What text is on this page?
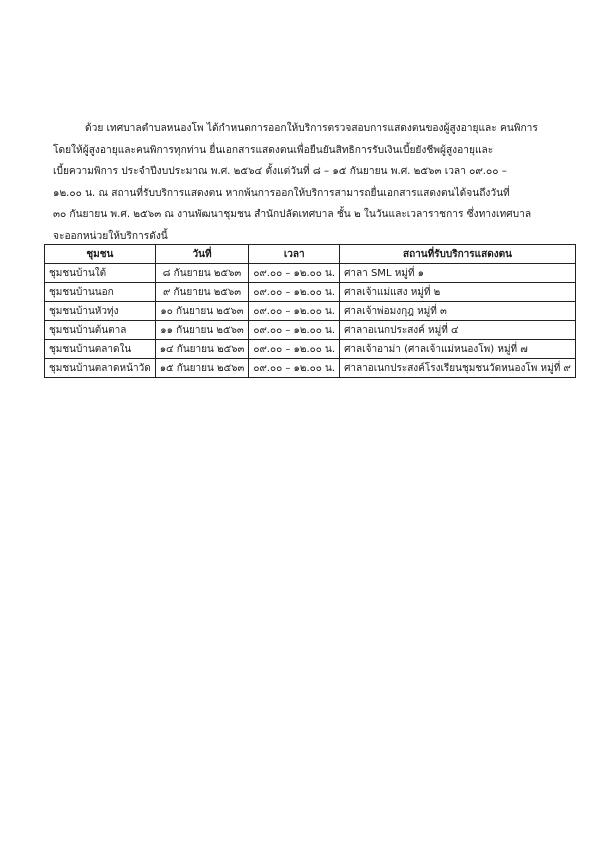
ด้วย เทศบาลตำบลหนองโพ ได้กำหนดการออกให้บริการตรวจสอบการแสดงตนของผู้สูงอายุและ คนพิการ

โดยให้ผู้สูงอายุและคนพิการทุกท่าน ยื่นเอกสารแสดงตนเพื่อยืนยันสิทธิการรับเงินเบี้ยยังชีพผู้สูงอายุและ

เบี้ยความพิการ ประจำปีงบประมาณ พ.ศ. ๒๕๖๔ ตั้งแต่วันที่ ๘ – ๑๕ กันยายน พ.ศ. ๒๕๖๓ เวลา ๐๙.๐๐ –

๑๒.๐๐ น. ณ สถานที่รับบริการแสดงตน หากพ้นการออกให้บริการสามารถยื่นเอกสารแสดงตนได้จนถึงวันที่

๓๐ กันยายน พ.ศ. ๒๕๖๓ ณ งานพัฒนาชุมชน สำนักปลัดเทศบาล ชั้น ๒ ในวันและเวลาราชการ ซึ่งทางเทศบาล

จะออกหน่วยให้บริการดังนี้

ชุมชน	วันที่	เวลา	สถานที่รับบริการแสดงตน
ชุมชนบ้านใต้	๘ กันยายน ๒๕๖๓	๐๙.๐๐ – ๑๒.๐๐ น.	ศาลา SML หมู่ที่ ๑
ชุมชนบ้านนอก	๙ กันยายน ๒๕๖๓	๐๙.๐๐ – ๑๒.๐๐ น.	ศาลเจ้าแม่แสง หมู่ที่ ๒
ชุมชนบ้านหัวทุ่ง	๑๐ กันยายน ๒๕๖๓	๐๙.๐๐ – ๑๒.๐๐ น.	ศาลเจ้าพ่อมงกุฎ หมู่ที่ ๓
ชุมชนบ้านต้นตาล	๑๑ กันยายน ๒๕๖๓	๐๙.๐๐ – ๑๒.๐๐ น.	ศาลาอเนกประสงค์ หมู่ที่ ๔
ชุมชนบ้านตลาดใน	๑๔ กันยายน ๒๕๖๓	๐๙.๐๐ – ๑๒.๐๐ น.	ศาลเจ้าอาม่า (ศาลเจ้าแม่หนองโพ) หมู่ที่ ๗
ชุมชนบ้านตลาดหน้าวัด	๑๕ กันยายน ๒๕๖๓	๐๙.๐๐ – ๑๒.๐๐ น.	ศาลาอเนกประสงค์โรงเรียนชุมชนวัดหนองโพ หมู่ที่ ๙
